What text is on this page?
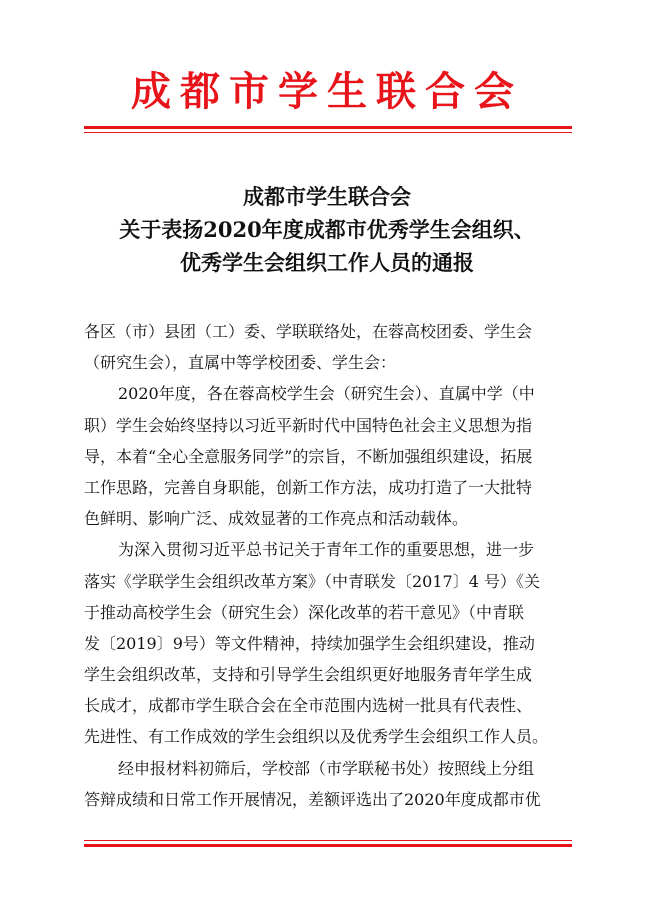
成都市学生联合会
成都市学生联合会
关于表扬2020年度成都市优秀学生会组织、
优秀学生会组织工作人员的通报
各区（市）县团（工）委、学联联络处，在蓉高校团委、学生会
（研究生会），直属中等学校团委、学生会：
2020年度，各在蓉高校学生会（研究生会）、直属中学（中
职）学生会始终坚持以习近平新时代中国特色社会主义思想为指
导，本着“全心全意服务同学”的宗旨，不断加强组织建设，拓展
工作思路，完善自身职能，创新工作方法，成功打造了一大批特
色鲜明、影响广泛、成效显著的工作亮点和活动载体。
为深入贯彻习近平总书记关于青年工作的重要思想，进一步
落实《学联学生会组织改革方案》（中青联发〔2017〕4 号）《关
于推动高校学生会（研究生会）深化改革的若干意见》（中青联
发〔2019〕9号）等文件精神，持续加强学生会组织建设，推动
学生会组织改革，支持和引导学生会组织更好地服务青年学生成
长成才，成都市学生联合会在全市范围内选树一批具有代表性、
先进性、有工作成效的学生会组织以及优秀学生会组织工作人员。
经申报材料初筛后，学校部（市学联秘书处）按照线上分组
答辩成绩和日常工作开展情况，差额评选出了2020年度成都市优
